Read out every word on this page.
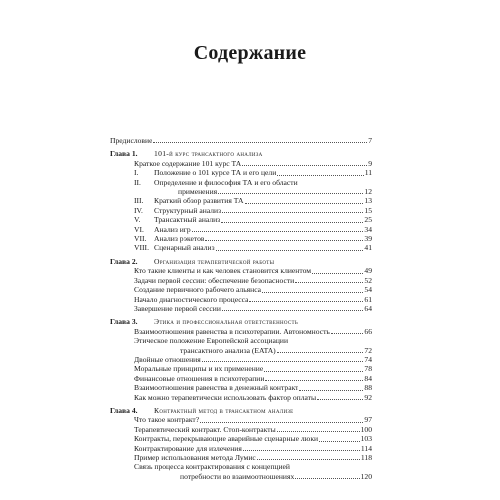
Содержание
Предисловие	7
Глава 1.	101-й курс трансактного анализа
Краткое содержание 101 курс ТА	9
I. Положение о 101 курсе ТА и его цели	11
II. Определение и философия ТА и его области
применения	12
III. Краткий обзор развития ТА	13
IV. Структурный анализ	15
V. Трансактный анализ	25
VI. Анализ игр	34
VII. Анализ рэкетов	39
VIII. Сценарный анализ	41
Глава 2.	Организация терапевтической работы
Кто такие клиенты и как человек становится клиентом	49
Задачи первой сессии: обеспечение безопасности	52
Создание первичного рабочего альянса	54
Начало диагностического процесса	61
Завершение первой сессии	64
Глава 3.	Этика и профессиональная ответственность
Взаимоотношения равенства в психотерапии. Автономность	66
Этическое положение Европейской ассоциации
трансактного анализа (EATA)	72
Двойные отношения	74
Моральные принципы и их применение	78
Финансовые отношения в психотерапии	84
Взаимоотношения равенства в денежный контракт	88
Как можно терапевтически использовать фактор оплаты	92
Глава 4.	Контрактный метод в трансактном анализе
Что такое контракт?	97
Терапевтический контракт. Стоп-контракты	100
Контракты, перекрывающие аварийные сценарные люки	103
Контрактирование для излечения	114
Пример использования метода Лумис	118
Связь процесса контрактирования с концепцией
потребности во взаимоотношениях	120
